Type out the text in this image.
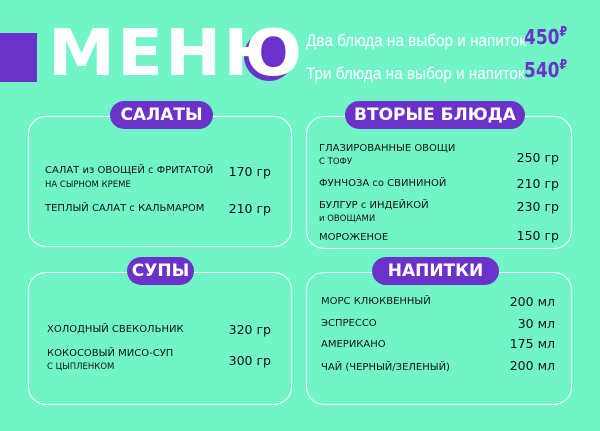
МЕНЮ Два блюда на выбор и напиток
450₽
Три блюда на выбор и напиток 540₽
САЛАТЫ
САЛАТ из ОВОЩЕЙ с ФРИТАТОЙ
НА СЫРНОМ КРЕМЕ
170 гр
ТЕПЛЫЙ САЛАТ с КАЛЬМАРОМ 210 гр
ВТОРЫЕ БЛЮДА
ГЛАЗИРОВАННЫЕ ОВОЩИ
С ТОФУ	250 гр
ФУНЧОЗА со СВИНИНОЙ	210 гр
БУЛГУР с ИНДЕЙКОЙ
и ОВОЩАМИ
230 гр
МОРОЖЕНОЕ	150 гр
СУПЫ
ХОЛОДНЫЙ СВЕКОЛЬНИК	320 гр
КОКОСОВЫЙ МИСО-СУП
С ЦЫПЛЕНКОМ	300 гр
НАПИТКИ
МОРС КЛЮКВЕННЫЙ	200 мл
ЭСПРЕССО	30 мл
АМЕРИКАНО	175 мл
ЧАЙ (ЧЕРНЫЙ/ЗЕЛЕНЫЙ)	200 мл
